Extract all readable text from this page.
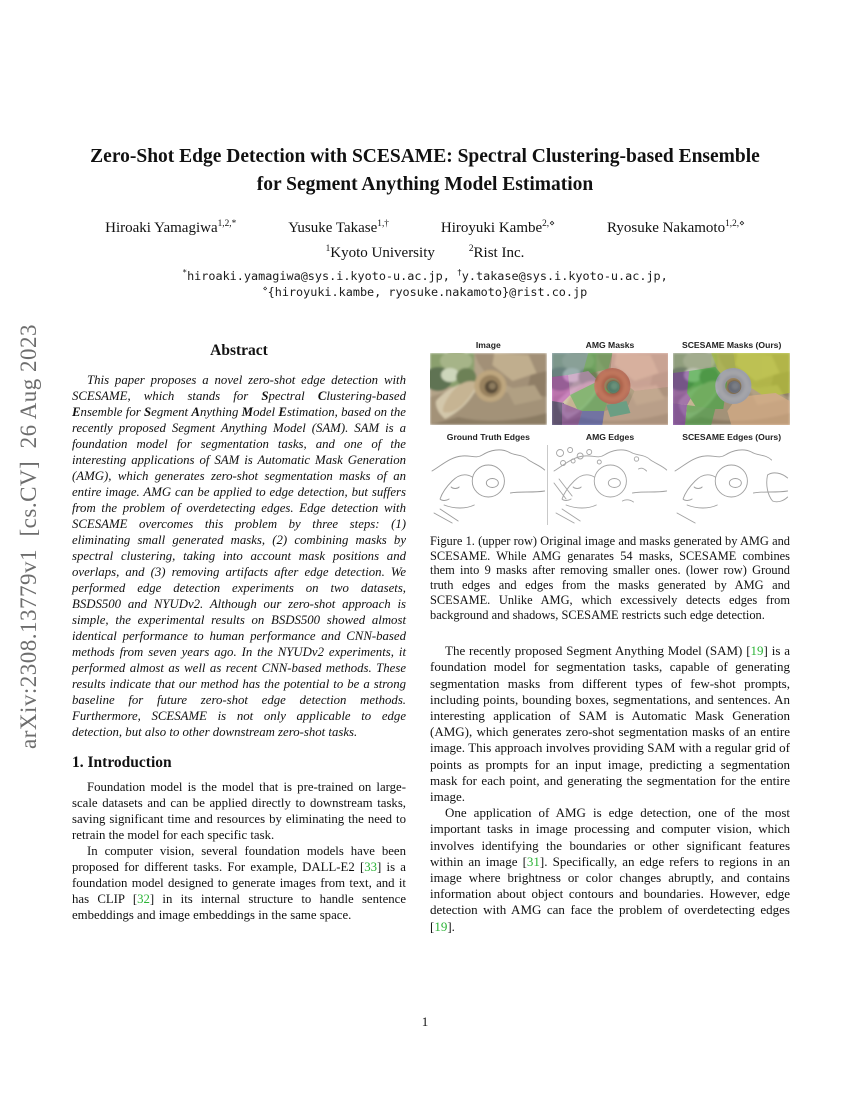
arXiv:2308.13779v1  [cs.CV]  26 Aug 2023
Zero-Shot Edge Detection with SCESAME: Spectral Clustering-based Ensemble
for Segment Anything Model Estimation
Hiroaki Yamagiwa$^{1,2,*}$	Yusuke Takase$^{1,\dagger}$	Hiroyuki Kambe$^{2,⋄}$	Ryosuke Nakamoto$^{1,2,⋄}$
$^1$Kyoto University	$^2$Rist Inc.
*hiroaki.yamagiwa@sys.i.kyoto-u.ac.jp, †y.takase@sys.i.kyoto-u.ac.jp,
⋄{hiroyuki.kambe, ryosuke.nakamoto}@rist.co.jp
Abstract

This paper proposes a novel zero-shot edge detection with SCESAME, which stands for Spectral Clustering-based Ensemble for Segment Anything Model Estimation, based on the recently proposed Segment Anything Model (SAM). SAM is a foundation model for segmentation tasks, and one of the interesting applications of SAM is Automatic Mask Generation (AMG), which generates zero-shot segmentation masks of an entire image. AMG can be applied to edge detection, but suffers from the problem of overdetecting edges. Edge detection with SCESAME overcomes this problem by three steps: (1) eliminating small generated masks, (2) combining masks by spectral clustering, taking into account mask positions and overlaps, and (3) removing artifacts after edge detection. We performed edge detection experiments on two datasets, BSDS500 and NYUDv2. Although our zero-shot approach is simple, the experimental results on BSDS500 showed almost identical performance to human performance and CNN-based methods from seven years ago. In the NYUDv2 experiments, it performed almost as well as recent CNN-based methods. These results indicate that our method has the potential to be a strong baseline for future zero-shot edge detection methods. Furthermore, SCESAME is not only applicable to edge detection, but also to other downstream zero-shot tasks.

1. Introduction

Foundation model is the model that is pre-trained on large-scale datasets and can be applied directly to downstream tasks, saving significant time and resources by eliminating the need to retrain the model for each specific task.

In computer vision, several foundation models have been proposed for different tasks. For example, DALL-E2 [33] is a foundation model designed to generate images from text, and it has CLIP [32] in its internal structure to handle sentence embeddings and image embeddings in the same space.

Image	AMG Masks	SCESAME Masks (Ours)
Ground Truth Edges	AMG Edges	SCESAME Edges (Ours)
Figure 1. (upper row) Original image and masks generated by AMG and SCESAME. While AMG genarates 54 masks, SCESAME combines them into 9 masks after removing smaller ones. (lower row) Ground truth edges and edges from the masks generated by AMG and SCESAME. Unlike AMG, which excessively detects edges from background and shadows, SCESAME restricts such edge detection.

The recently proposed Segment Anything Model (SAM) [19] is a foundation model for segmentation tasks, capable of generating segmentation masks from different types of few-shot prompts, including points, bounding boxes, segmentations, and sentences. An interesting application of SAM is Automatic Mask Generation (AMG), which generates zero-shot segmentation masks of an entire image. This approach involves providing SAM with a regular grid of points as prompts for an input image, predicting a segmentation mask for each point, and generating the segmentation for the entire image.

One application of AMG is edge detection, one of the most important tasks in image processing and computer vision, which involves identifying the boundaries or other significant features within an image [31]. Specifically, an edge refers to regions in an image where brightness or color changes abruptly, and contains information about object contours and boundaries. However, edge detection with AMG can face the problem of overdetecting edges [19].

1
